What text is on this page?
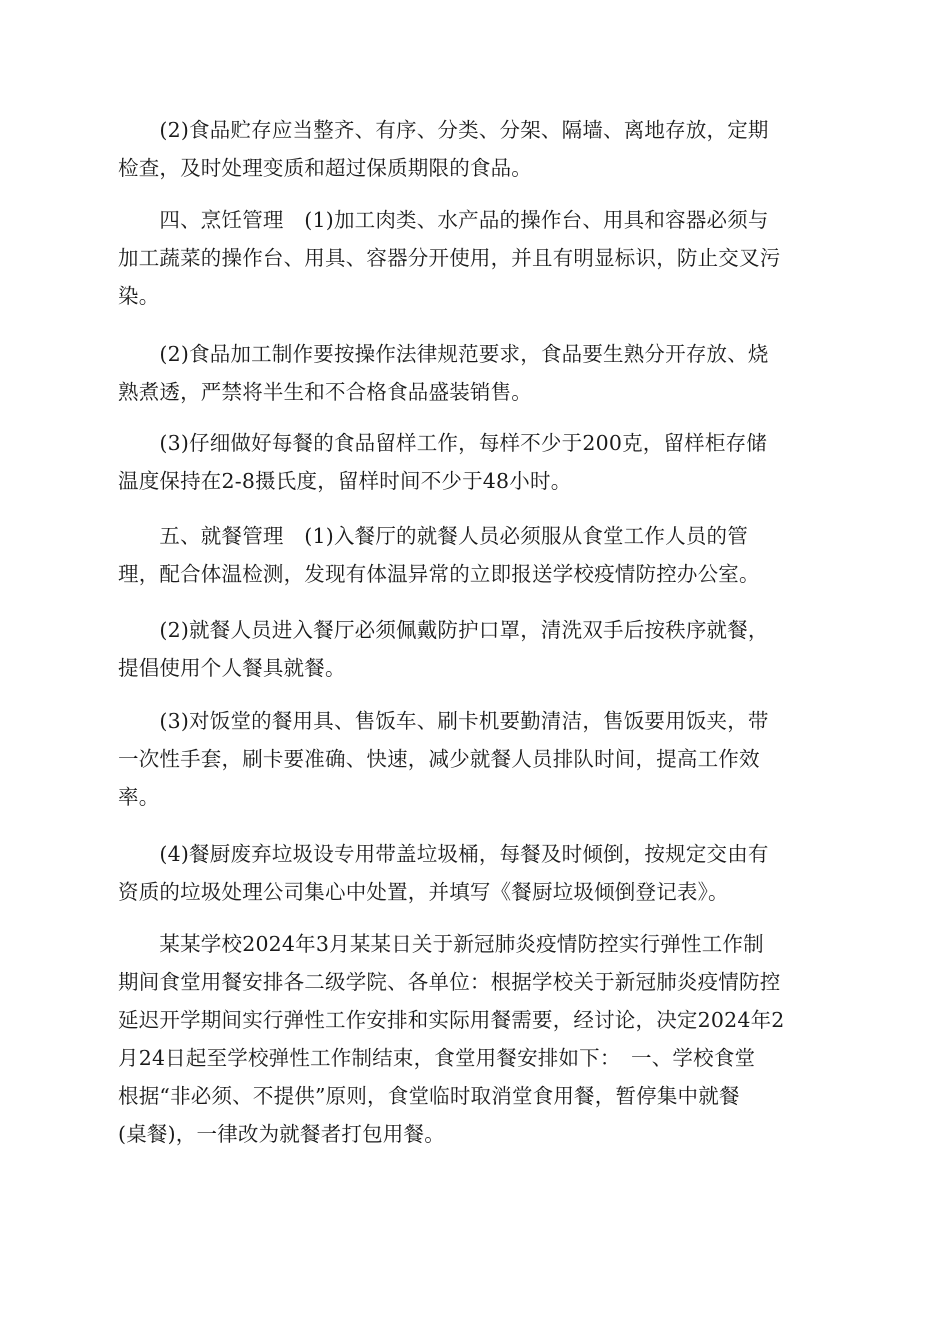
　　(2)食品贮存应当整齐、有序、分类、分架、隔墙、离地存放，定期
检查，及时处理变质和超过保质期限的食品。
　　四、烹饪管理　(1)加工肉类、水产品的操作台、用具和容器必须与
加工蔬菜的操作台、用具、容器分开使用，并且有明显标识，防止交叉污
染。
　　(2)食品加工制作要按操作法律规范要求，食品要生熟分开存放、烧
熟煮透，严禁将半生和不合格食品盛装销售。
　　(3)仔细做好每餐的食品留样工作，每样不少于200克，留样柜存储
温度保持在2-8摄氏度，留样时间不少于48小时。
　　五、就餐管理　(1)入餐厅的就餐人员必须服从食堂工作人员的管
理，配合体温检测，发现有体温异常的立即报送学校疫情防控办公室。
　　(2)就餐人员进入餐厅必须佩戴防护口罩，清洗双手后按秩序就餐，
提倡使用个人餐具就餐。
　　(3)对饭堂的餐用具、售饭车、刷卡机要勤清洁，售饭要用饭夹，带
一次性手套，刷卡要准确、快速，减少就餐人员排队时间，提高工作效
率。
　　(4)餐厨废弃垃圾设专用带盖垃圾桶，每餐及时倾倒，按规定交由有
资质的垃圾处理公司集心中处置，并填写《餐厨垃圾倾倒登记表》。
　　某某学校2024年3月某某日关于新冠肺炎疫情防控实行弹性工作制
期间食堂用餐安排各二级学院、各单位：根据学校关于新冠肺炎疫情防控
延迟开学期间实行弹性工作安排和实际用餐需要，经讨论，决定2024年2
月24日起至学校弹性工作制结束，食堂用餐安排如下：　一、学校食堂
根据“非必须、不提供”原则，食堂临时取消堂食用餐，暂停集中就餐
(桌餐)，一律改为就餐者打包用餐。
